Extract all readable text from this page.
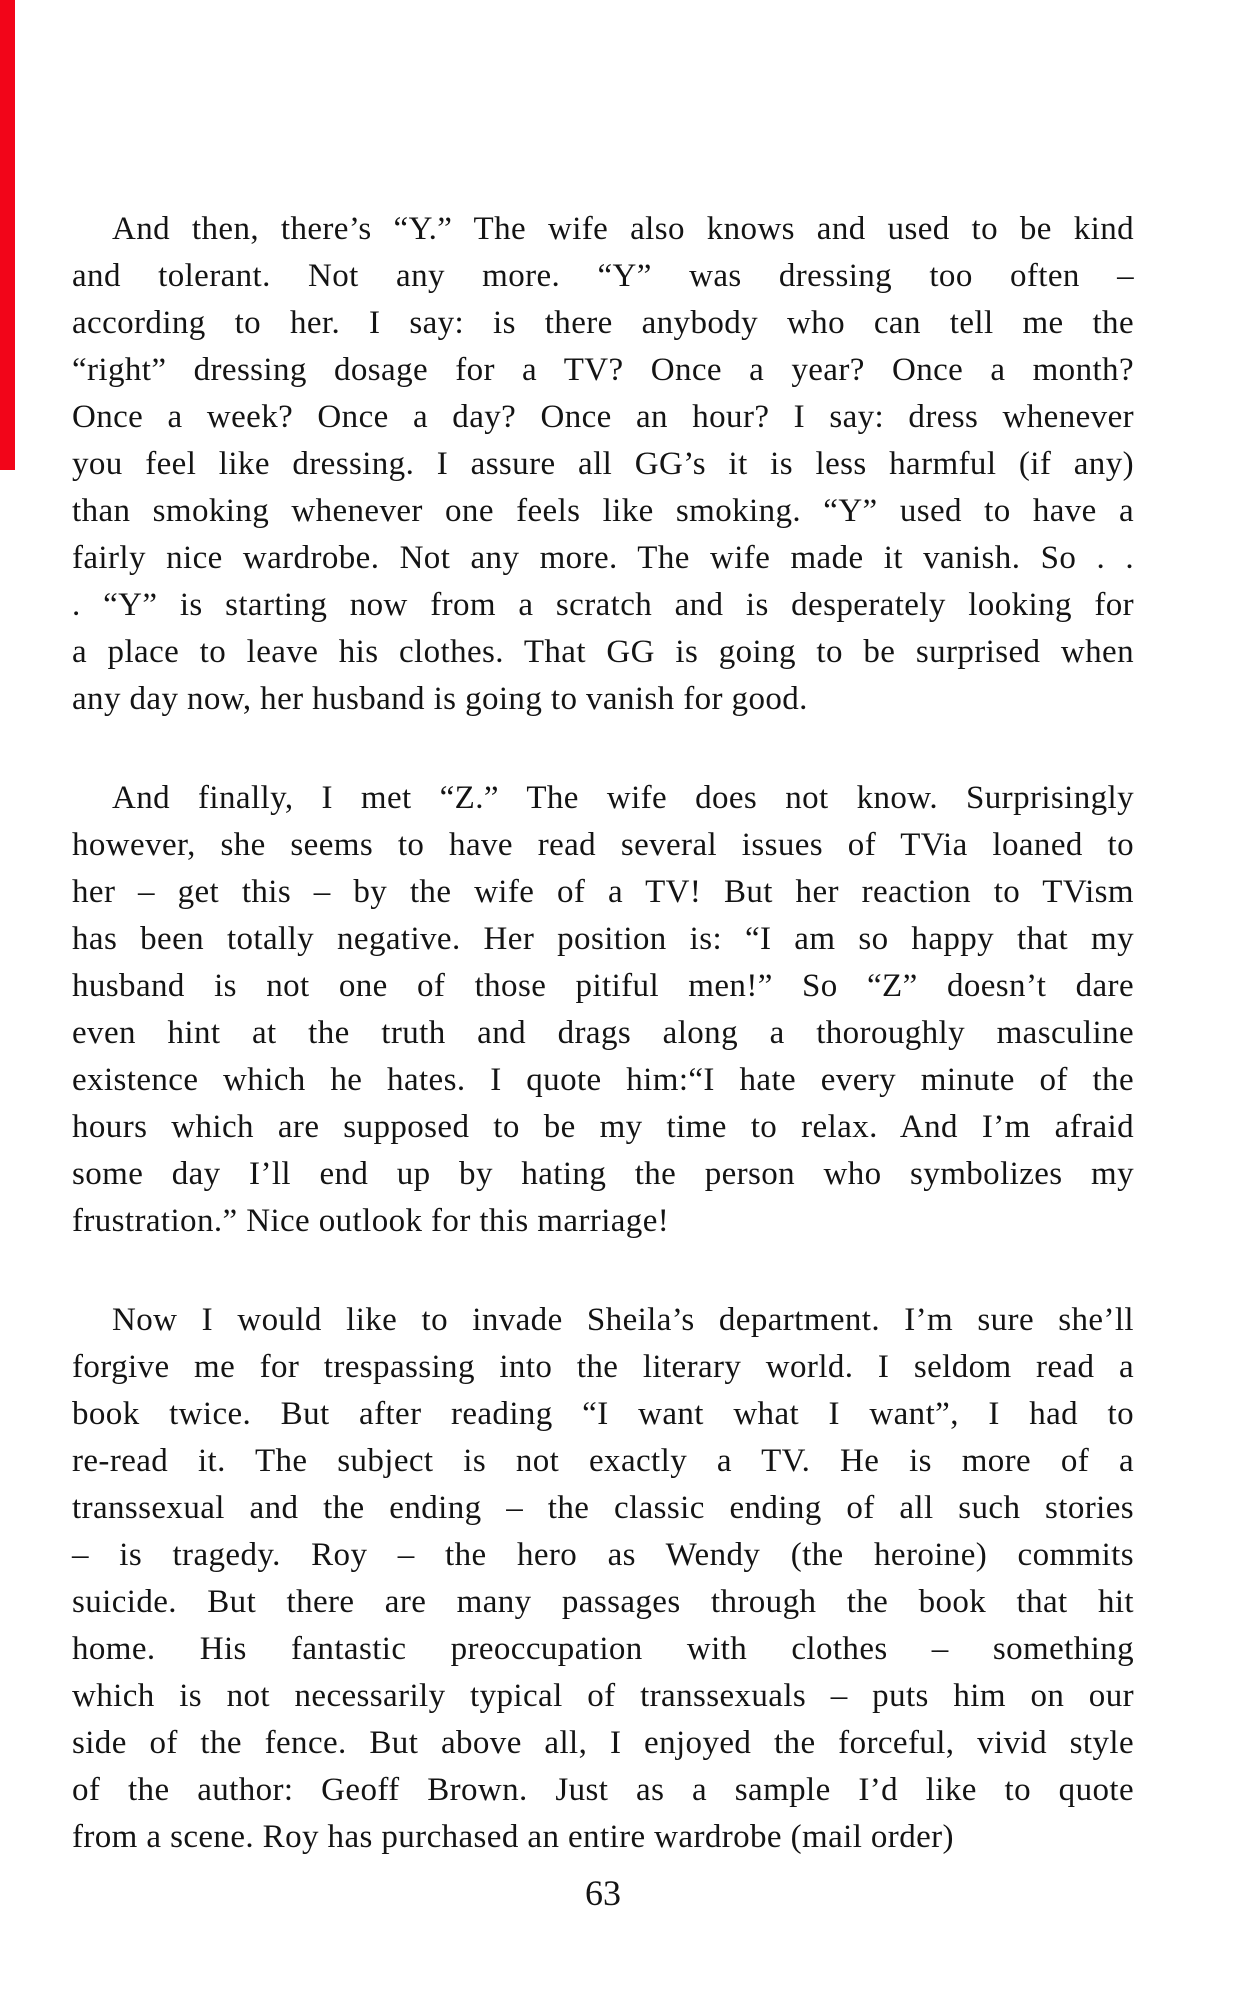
And then, there’s “Y.” The wife also knows and used to be kind
and tolerant. Not any more. “Y” was dressing too often –
according to her. I say: is there anybody who can tell me the
“right” dressing dosage for a TV? Once a year? Once a month?
Once a week? Once a day? Once an hour? I say: dress whenever
you feel like dressing. I assure all GG’s it is less harmful (if any)
than smoking whenever one feels like smoking. “Y” used to have a
fairly nice wardrobe. Not any more. The wife made it vanish. So . .
. “Y” is starting now from a scratch and is desperately looking for
a place to leave his clothes. That GG is going to be surprised when
any day now, her husband is going to vanish for good.
And finally, I met “Z.” The wife does not know. Surprisingly
however, she seems to have read several issues of TVia loaned to
her – get this – by the wife of a TV! But her reaction to TVism
has been totally negative. Her position is: “I am so happy that my
husband is not one of those pitiful men!” So “Z” doesn’t dare
even hint at the truth and drags along a thoroughly masculine
existence which he hates. I quote him:“I hate every minute of the
hours which are supposed to be my time to relax. And I’m afraid
some day I’ll end up by hating the person who symbolizes my
frustration.” Nice outlook for this marriage!
Now I would like to invade Sheila’s department. I’m sure she’ll
forgive me for trespassing into the literary world. I seldom read a
book twice. But after reading “I want what I want”, I had to
re-read it. The subject is not exactly a TV. He is more of a
transsexual and the ending – the classic ending of all such stories
– is tragedy. Roy – the hero as Wendy (the heroine) commits
suicide. But there are many passages through the book that hit
home. His fantastic preoccupation with clothes – something
which is not necessarily typical of transsexuals – puts him on our
side of the fence. But above all, I enjoyed the forceful, vivid style
of the author: Geoff Brown. Just as a sample I’d like to quote
from a scene. Roy has purchased an entire wardrobe (mail order)
63
